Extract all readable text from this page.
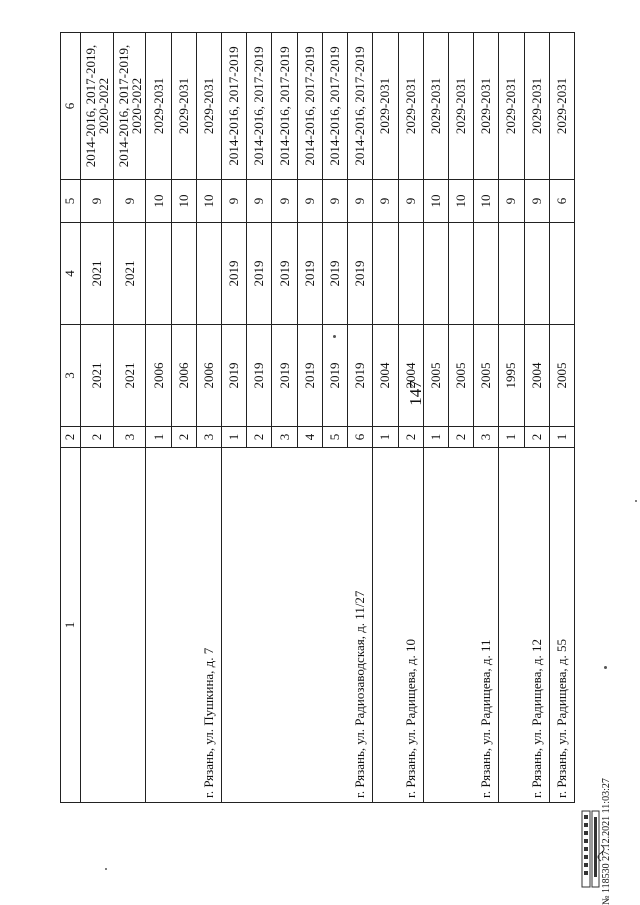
147
1	2	3	4	5	6
	2	2021	2021	9	2014-2016, 2017-2019, 2020-2022
	3	2021	2021	9	2014-2016, 2017-2019, 2020-2022
г. Рязань, ул. Пушкина, д. 7	1	2006		10	2029-2031
	2	2006		10	2029-2031
	3	2006		10	2029-2031
г. Рязань, ул. Радиозаводская, д. 11/27	1	2019	2019	9	2014-2016, 2017-2019
	2	2019	2019	9	2014-2016, 2017-2019
	3	2019	2019	9	2014-2016, 2017-2019
	4	2019	2019	9	2014-2016, 2017-2019
	5	2019	2019	9	2014-2016, 2017-2019
	6	2019	2019	9	2014-2016, 2017-2019
г. Рязань, ул. Радищева, д. 10	1	2004		9	2029-2031
	2	2004		9	2029-2031
г. Рязань, ул. Радищева, д. 11	1	2005		10	2029-2031
	2	2005		10	2029-2031
	3	2005		10	2029-2031
г. Рязань, ул. Радищева, д. 12	1	1995		9	2029-2031
	2	2004		9	2029-2031
г. Рязань, ул. Радищева, д. 55	1	2005		6	2029-2031
№ 118530 27.12.2021 11:03:27
